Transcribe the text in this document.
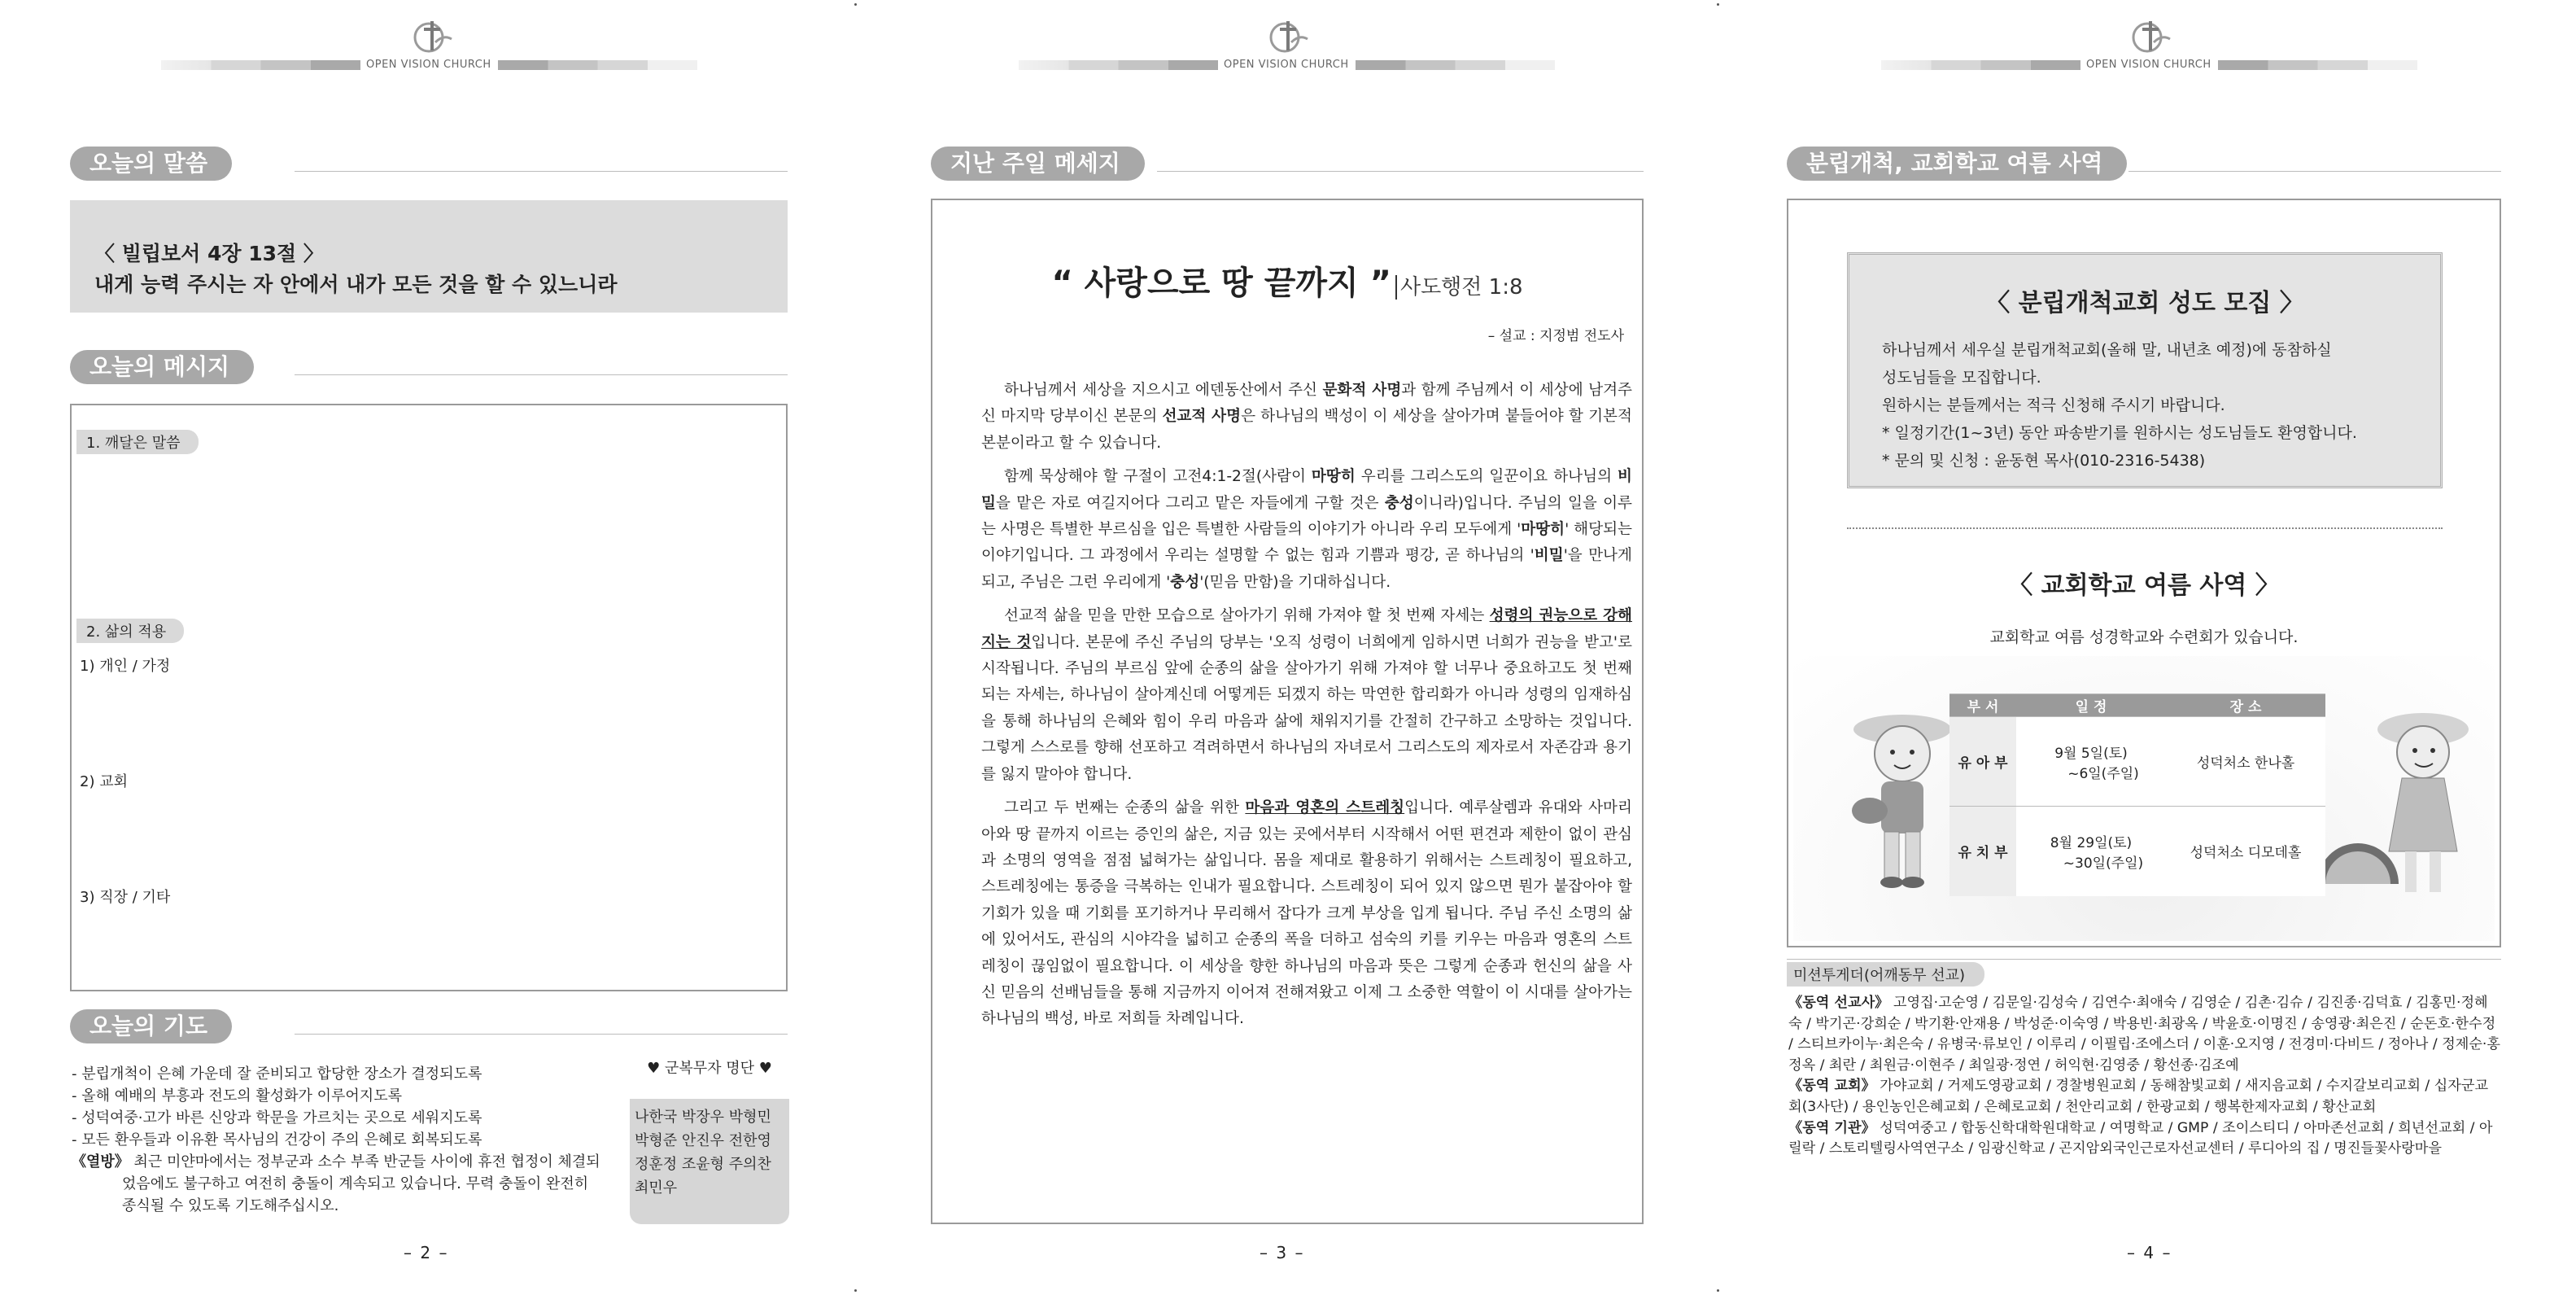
OPEN VISION CHURCH
오늘의 말씀
〈 빌립보서 4장 13절 〉
내게 능력 주시는 자 안에서 내가 모든 것을 할 수 있느니라
오늘의 메시지
1. 깨달은 말씀
2. 삶의 적용
1) 개인 / 가정
2) 교회
3) 직장 / 기타
오늘의 기도
- 분립개척이 은혜 가운데 잘 준비되고 합당한 장소가 결정되도록
- 올해 예배의 부흥과 전도의 활성화가 이루어지도록
- 성덕여중·고가 바른 신앙과 학문을 가르치는 곳으로 세워지도록
- 모든 환우들과 이유환 목사님의 건강이 주의 은혜로 회복되도록
《열방》 최근 미얀마에서는 정부군과 소수 부족 반군들 사이에 휴전 협정이 체결되
었음에도 불구하고 여전히 충돌이 계속되고 있습니다. 무력 충돌이 완전히
종식될 수 있도록 기도해주십시오.
♥ 군복무자 명단 ♥
나한국 박장우 박형민
박형준 안진우 전한영
정훈정 조윤형 주의찬
최민우
– 2 –
OPEN VISION CHURCH
지난 주일 메세지
“ 사랑으로 땅 끝까지 ” 사도행전 1:8
– 설교 : 지정범 전도사

하나님께서 세상을 지으시고 에덴동산에서 주신 문화적 사명과 함께 주님께서 이 세상에 남겨주신 마지막 당부이신 본문의 선교적 사명은 하나님의 백성이 이 세상을 살아가며 붙들어야 할 기본적 본분이라고 할 수 있습니다.

함께 묵상해야 할 구절이 고전4:1-2절(사람이 마땅히 우리를 그리스도의 일꾼이요 하나님의 비밀을 맡은 자로 여길지어다 그리고 맡은 자들에게 구할 것은 충성이니라)입니다. 주님의 일을 이루는 사명은 특별한 부르심을 입은 특별한 사람들의 이야기가 아니라 우리 모두에게 '마땅히' 해당되는 이야기입니다. 그 과정에서 우리는 설명할 수 없는 힘과 기쁨과 평강, 곧 하나님의 '비밀'을 만나게 되고, 주님은 그런 우리에게 '충성'(믿음 만함)을 기대하십니다.

선교적 삶을 믿을 만한 모습으로 살아가기 위해 가져야 할 첫 번째 자세는 성령의 권능으로 강해지는 것입니다. 본문에 주신 주님의 당부는 '오직 성령이 너희에게 임하시면 너희가 권능을 받고'로 시작됩니다. 주님의 부르심 앞에 순종의 삶을 살아가기 위해 가져야 할 너무나 중요하고도 첫 번째 되는 자세는, 하나님이 살아계신데 어떻게든 되겠지 하는 막연한 합리화가 아니라 성령의 임재하심을 통해 하나님의 은혜와 힘이 우리 마음과 삶에 채워지기를 간절히 간구하고 소망하는 것입니다. 그렇게 스스로를 향해 선포하고 격려하면서 하나님의 자녀로서 그리스도의 제자로서 자존감과 용기를 잃지 말아야 합니다.

그리고 두 번째는 순종의 삶을 위한 마음과 영혼의 스트레칭입니다. 예루살렘과 유대와 사마리아와 땅 끝까지 이르는 증인의 삶은, 지금 있는 곳에서부터 시작해서 어떤 편견과 제한이 없이 관심과 소명의 영역을 점점 넓혀가는 삶입니다. 몸을 제대로 활용하기 위해서는 스트레칭이 필요하고, 스트레칭에는 통증을 극복하는 인내가 필요합니다. 스트레칭이 되어 있지 않으면 뭔가 붙잡아야 할 기회가 있을 때 기회를 포기하거나 무리해서 잡다가 크게 부상을 입게 됩니다. 주님 주신 소명의 삶에 있어서도, 관심의 시야각을 넓히고 순종의 폭을 더하고 섬숙의 키를 키우는 마음과 영혼의 스트레칭이 끊임없이 필요합니다. 이 세상을 향한 하나님의 마음과 뜻은 그렇게 순종과 헌신의 삶을 사신 믿음의 선배님들을 통해 지금까지 이어져 전해져왔고 이제 그 소중한 역할이 이 시대를 살아가는 하나님의 백성, 바로 저희들 차례입니다.

– 3 –
OPEN VISION CHURCH
분립개척, 교회학교 여름 사역
〈 분립개척교회 성도 모집 〉
하나님께서 세우실 분립개척교회(올해 말, 내년초 예정)에 동참하실
성도님들을 모집합니다.
원하시는 분들께서는 적극 신청해 주시기 바랍니다.
* 일정기간(1~3년) 동안 파송받기를 원하시는 성도님들도 환영합니다.
* 문의 및 신청 : 윤동현 목사(010-2316-5438)
〈 교회학교 여름 사역 〉
교회학교 여름 성경학교와 수련회가 있습니다.
부 서	일 정	장 소
유 아 부	9월 5일(토)
~6일(주일)	성덕처소 한나홀
유 치 부	8월 29일(토)
~30일(주일)	성덕처소 디모데홀
미션투게더(어깨동무 선교)
《동역 선교사》 고영집·고순영 / 김문일·김성숙 / 김연수·최애숙 / 김영순 / 김촌·김슈 / 김진종·김덕효 / 김홍민·정혜숙 / 박기곤·강희순 / 박기환·안재용 / 박성준·이숙영 / 박용빈·최광옥 / 박윤호·이명진 / 송영광·최은진 / 순돈호·한수정 / 스티브카이누·최은숙 / 유병국·류보인 / 이루리 / 이필립·조에스더 / 이훈·오지영 / 전경미·다비드 / 정아나 / 정제순·홍정옥 / 최란 / 최원금·이현주 / 최일광·정연 / 허익현·김영중 / 황선종·김조예
《동역 교회》 가야교회 / 거제도영광교회 / 경찰병원교회 / 동해참빛교회 / 새지음교회 / 수지갈보리교회 / 십자군교회(3사단) / 용인농인은혜교회 / 은혜로교회 / 천안리교회 / 한광교회 / 행복한제자교회 / 황산교회
《동역 기관》 성덕여중고 / 합동신학대학원대학교 / 여명학교 / GMP / 조이스티디 / 아마존선교회 / 희년선교회 / 아릴락 / 스토리텔링사역연구소 / 임광신학교 / 곤지암외국인근로자선교센터 / 루디아의 집 / 명진들꽃사랑마을
– 4 –
